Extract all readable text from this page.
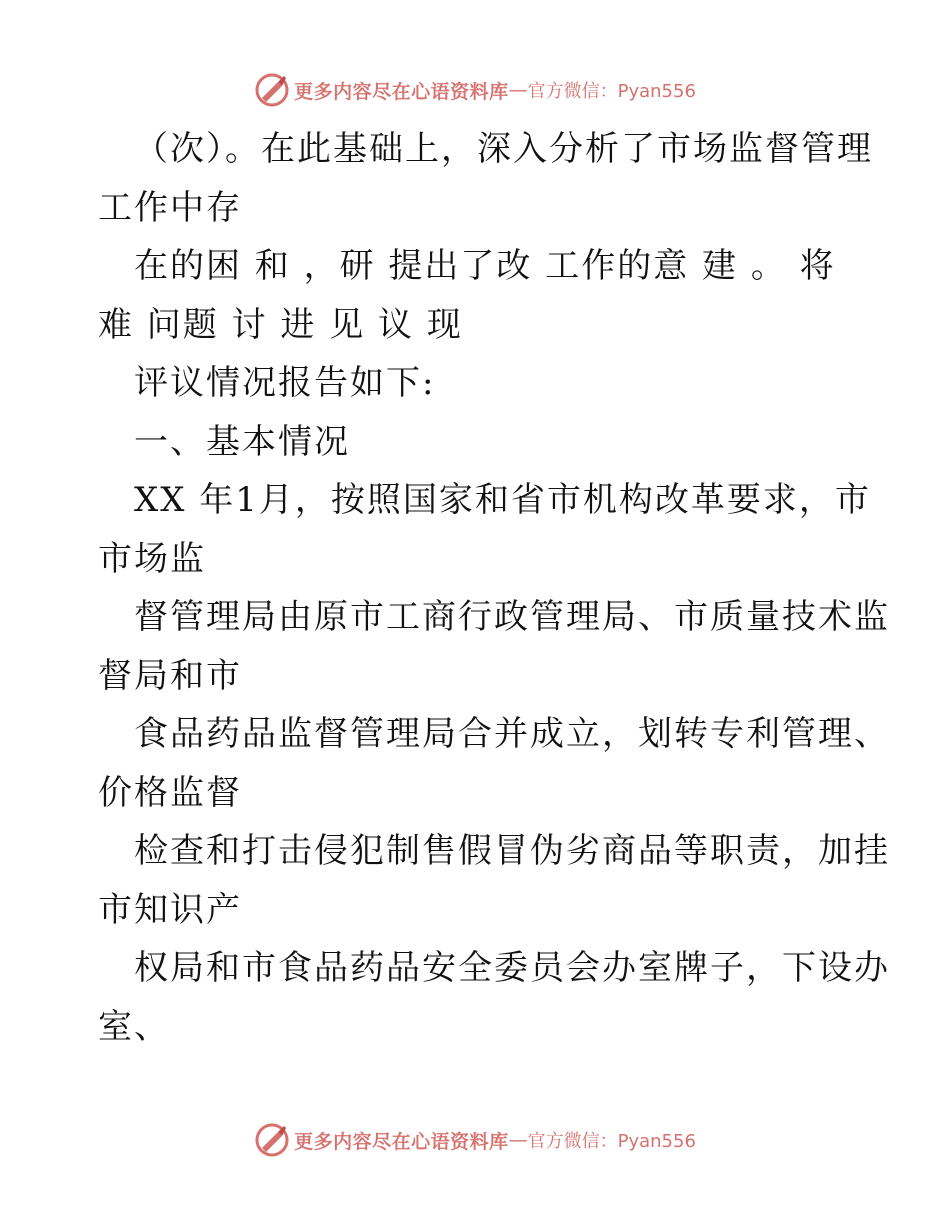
更多内容尽在心语资料库 — 官方微信：Pyan556
（次）。在此基础上，深入分析了市场监督管理
工作中存
在的困 和 ，研 提出了改 工作的意 建 。 将
难 问题 讨 进 见 议 现
评议情况报告如下:
一、基本情况
XX 年1月，按照国家和省市机构改革要求，市
市场监
督管理局由原市工商行政管理局、市质量技术监
督局和市
食品药品监督管理局合并成立，划转专利管理、
价格监督
检查和打击侵犯制售假冒伪劣商品等职责，加挂
市知识产
权局和市食品药品安全委员会办室牌子，下设办
室、
更多内容尽在心语资料库 — 官方微信：Pyan556
